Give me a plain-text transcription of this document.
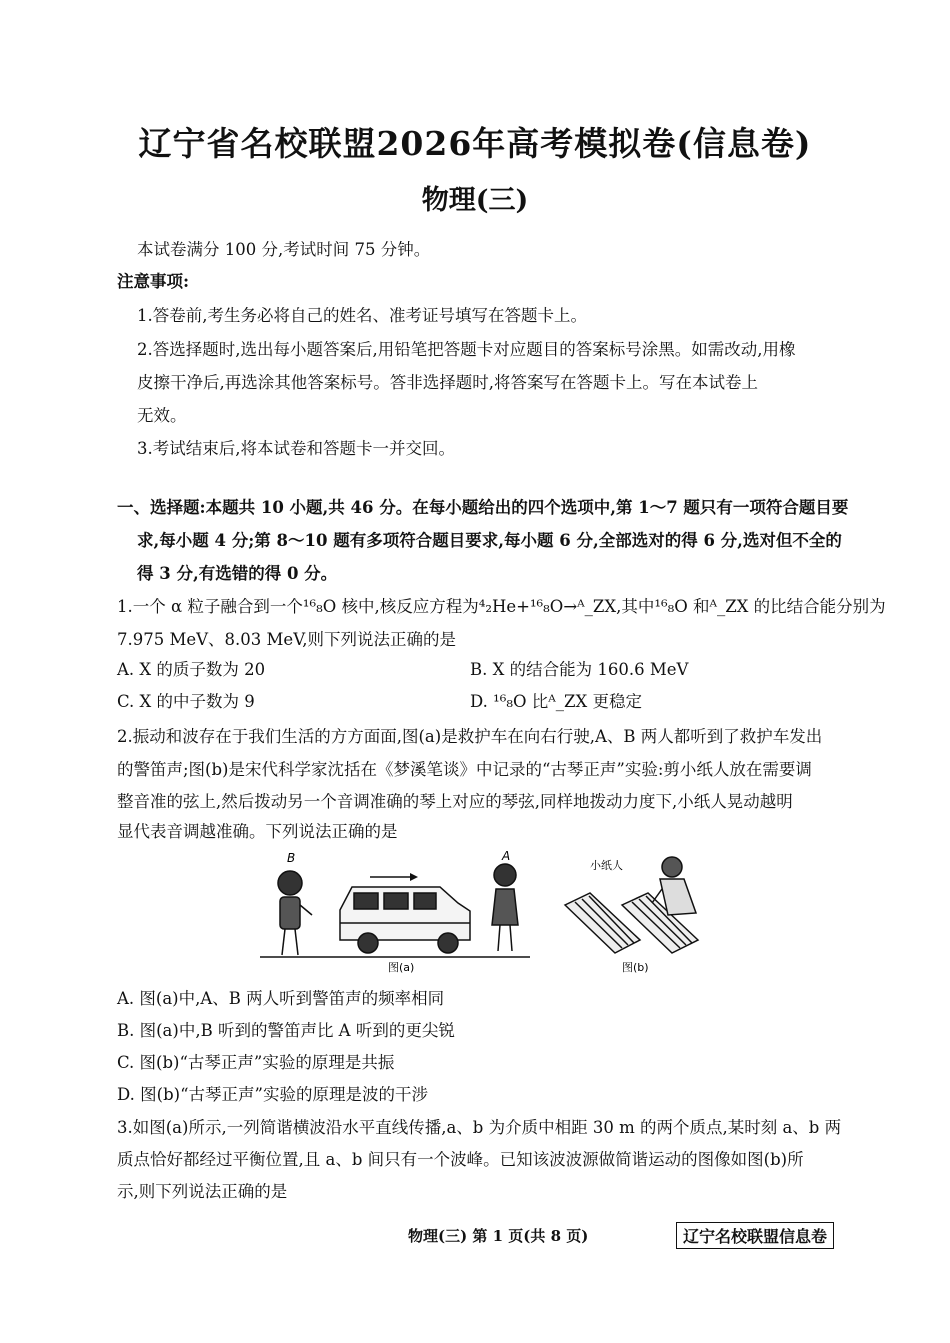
辽宁省名校联盟2026年高考模拟卷(信息卷)
物理(三)
本试卷满分 100 分,考试时间 75 分钟。
注意事项:
1.答卷前,考生务必将自己的姓名、准考证号填写在答题卡上。
2.答选择题时,选出每小题答案后,用铅笔把答题卡对应题目的答案标号涂黑。如需改动,用橡
皮擦干净后,再选涂其他答案标号。答非选择题时,将答案写在答题卡上。写在本试卷上
无效。
3.考试结束后,将本试卷和答题卡一并交回。
一、选择题:本题共 10 小题,共 46 分。在每小题给出的四个选项中,第 1～7 题只有一项符合题目要
求,每小题 4 分;第 8～10 题有多项符合题目要求,每小题 6 分,全部选对的得 6 分,选对但不全的
得 3 分,有选错的得 0 分。
1.一个 α 粒子融合到一个¹⁶₈O 核中,核反应方程为⁴₂He+¹⁶₈O→ᴬ_ZX,其中¹⁶₈O 和ᴬ_ZX 的比结合能分别为
7.975 MeV、8.03 MeV,则下列说法正确的是
A. X 的质子数为 20	B. X 的结合能为 160.6 MeV
C. X 的中子数为 9	D. ¹⁶₈O 比ᴬ_ZX 更稳定
2.振动和波存在于我们生活的方方面面,图(a)是救护车在向右行驶,A、B 两人都听到了救护车发出
的警笛声;图(b)是宋代科学家沈括在《梦溪笔谈》中记录的“古琴正声”实验:剪小纸人放在需要调
整音准的弦上,然后拨动另一个音调准确的琴上对应的琴弦,同样地拨动力度下,小纸人晃动越明
显代表音调越准确。下列说法正确的是
B	A
图(a)
小纸人
图(b)
A. 图(a)中,A、B 两人听到警笛声的频率相同
B. 图(a)中,B 听到的警笛声比 A 听到的更尖锐
C. 图(b)“古琴正声”实验的原理是共振
D. 图(b)“古琴正声”实验的原理是波的干涉
3.如图(a)所示,一列简谐横波沿水平直线传播,a、b 为介质中相距 30 m 的两个质点,某时刻 a、b 两
质点恰好都经过平衡位置,且 a、b 间只有一个波峰。已知该波波源做简谐运动的图像如图(b)所
示,则下列说法正确的是
物理(三) 第 1 页(共 8 页)	辽宁名校联盟信息卷
